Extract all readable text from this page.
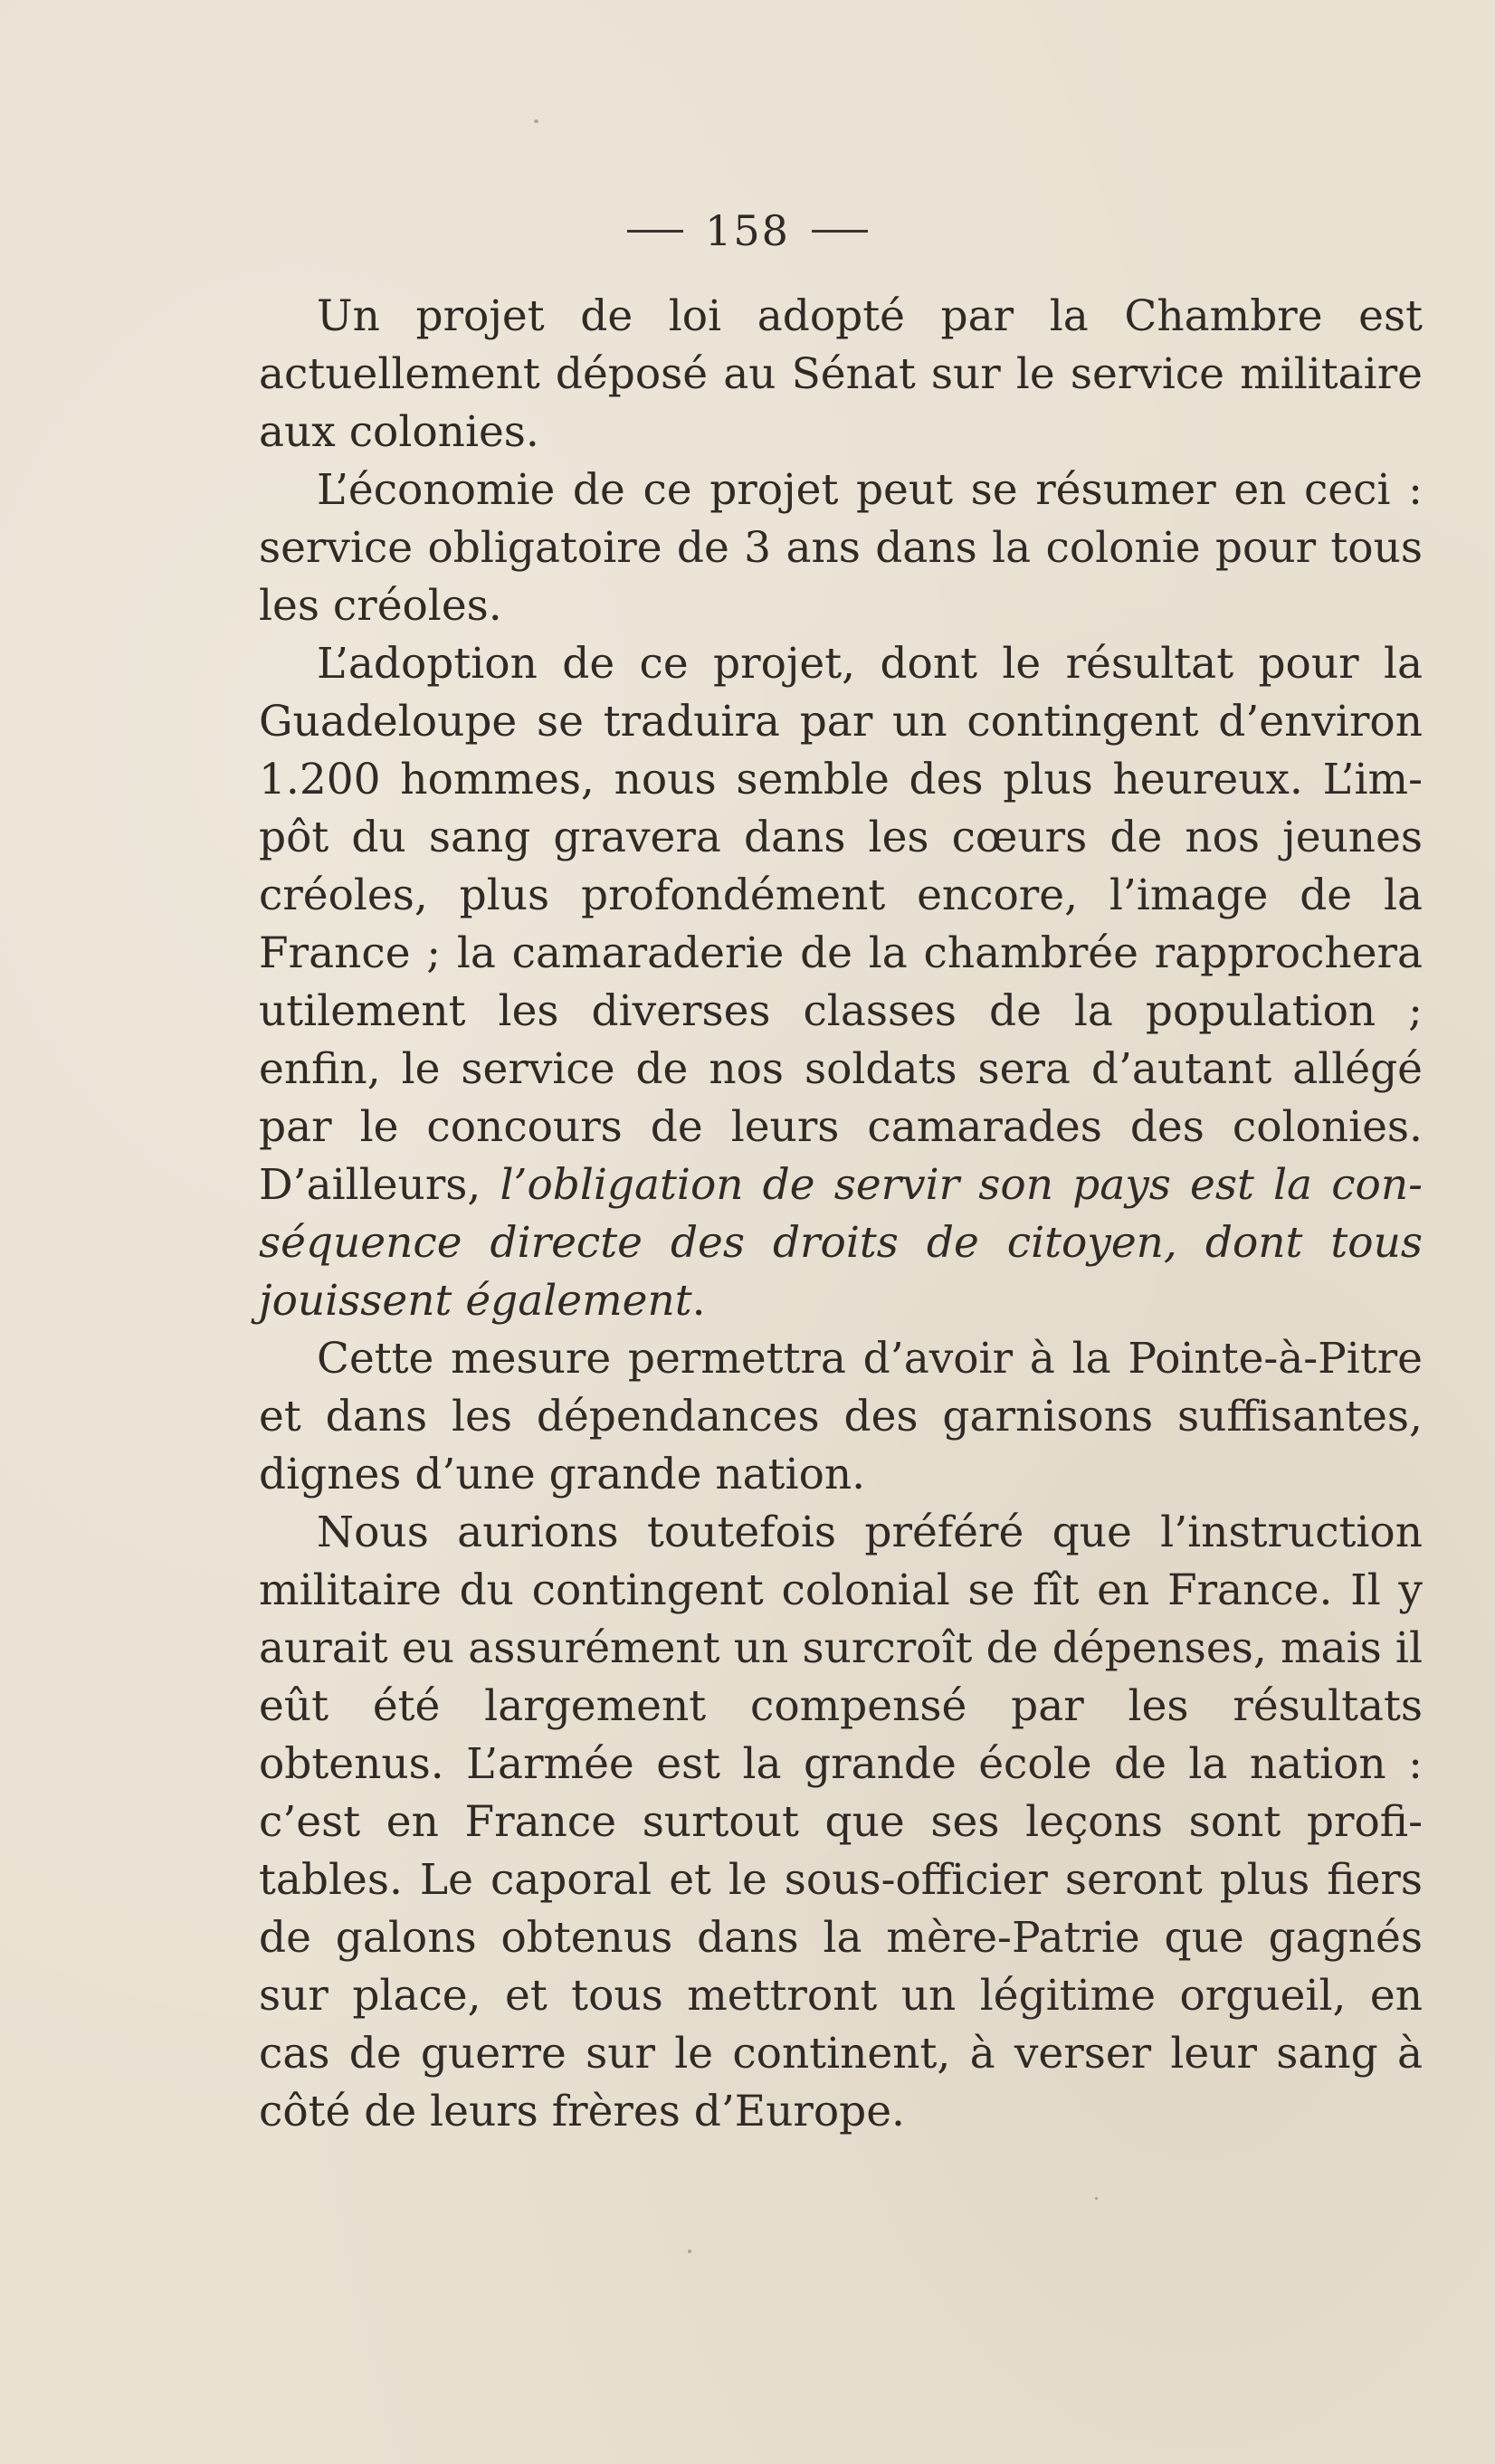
158

Un projet de loi adopté par la Chambre est actuellement déposé au Sénat sur le service militaire aux colonies.

L’économie de ce projet peut se résumer en ceci : service obligatoire de 3 ans dans la colonie pour tous les créoles.

L’adoption de ce projet, dont le résultat pour la Guadeloupe se traduira par un contingent d’environ 1.200 hommes, nous semble des plus heureux. L’impôt du sang gravera dans les cœurs de nos jeunes créoles, plus profondément encore, l’image de la France ; la camaraderie de la chambrée rapprochera utilement les diverses classes de la population ; enfin, le service de nos soldats sera d’autant allégé par le concours de leurs camarades des colonies. D’ailleurs, l’obligation de servir son pays est la conséquence directe des droits de citoyen, dont tous jouissent également.

Cette mesure permettra d’avoir à la Pointe-à-Pitre et dans les dépendances des garnisons suffisantes, dignes d’une grande nation.

Nous aurions toutefois préféré que l’instruction militaire du contingent colonial se fît en France. Il y aurait eu assurément un surcroît de dépenses, mais il eût été largement compensé par les résultats obtenus. L’armée est la grande école de la nation : c’est en France surtout que ses leçons sont profitables. Le caporal et le sous-officier seront plus fiers de galons obtenus dans la mère-Patrie que gagnés sur place, et tous mettront un légitime orgueil, en cas de guerre sur le continent, à verser leur sang à côté de leurs frères d’Europe.
